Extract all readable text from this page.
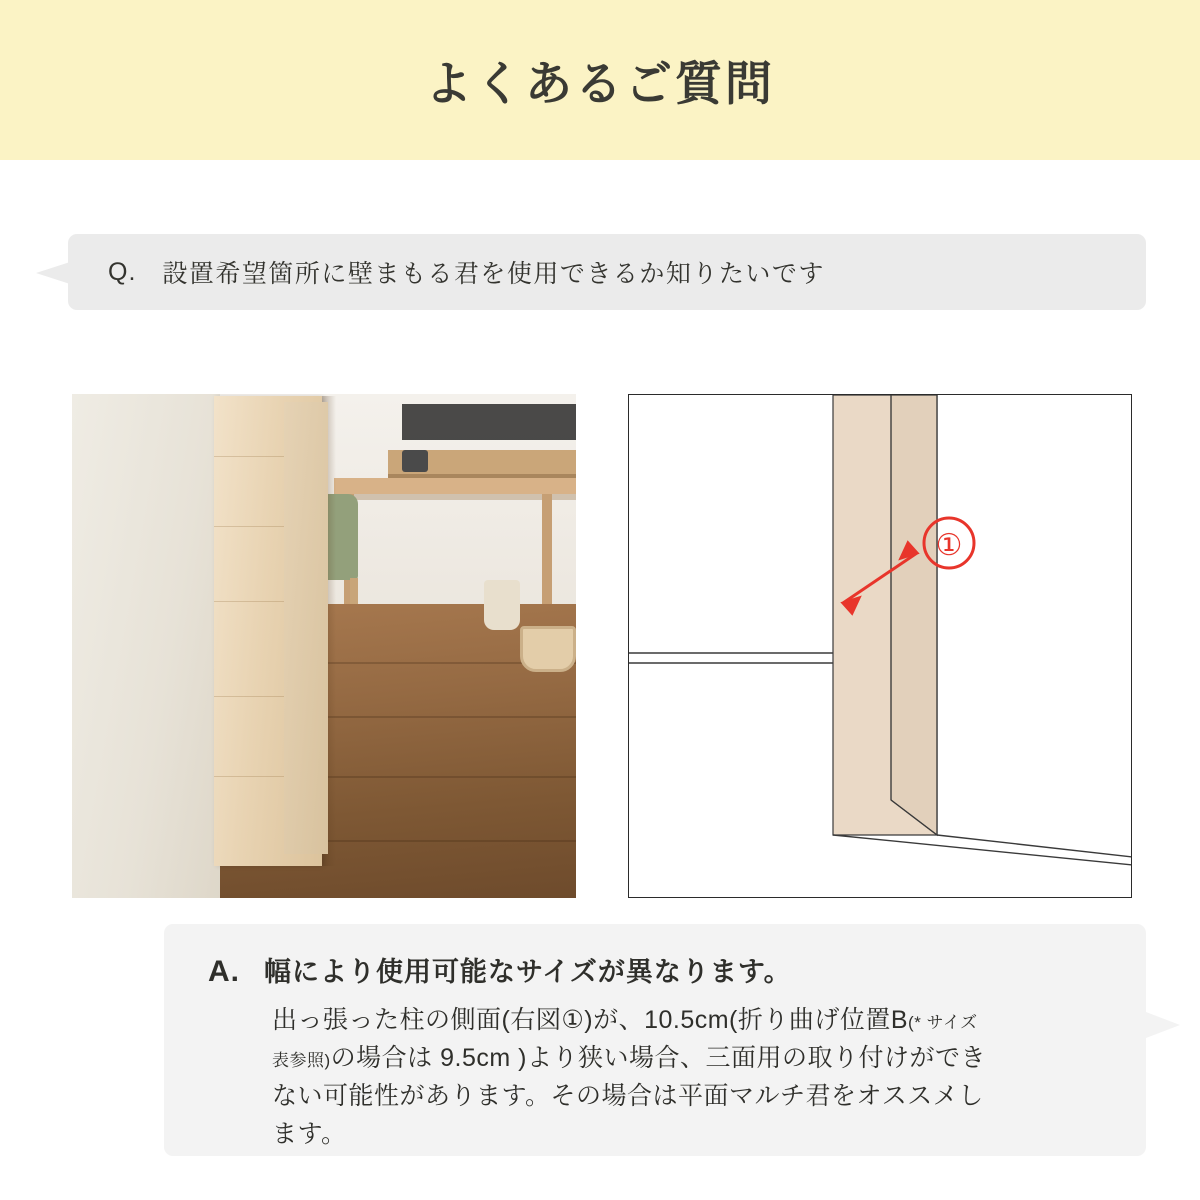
よくあるご質問
Q. 設置希望箇所に壁まもる君を使用できるか知りたいです
①
A. 幅により使用可能なサイズが異なります。
出っ張った柱の側面(右図①)が、10.5cm(折り曲げ位置B(* サイズ
表参照)の場合は 9.5cm )より狭い場合、三面用の取り付けができ
ない可能性があります。その場合は平面マルチ君をオススメし
ます。
